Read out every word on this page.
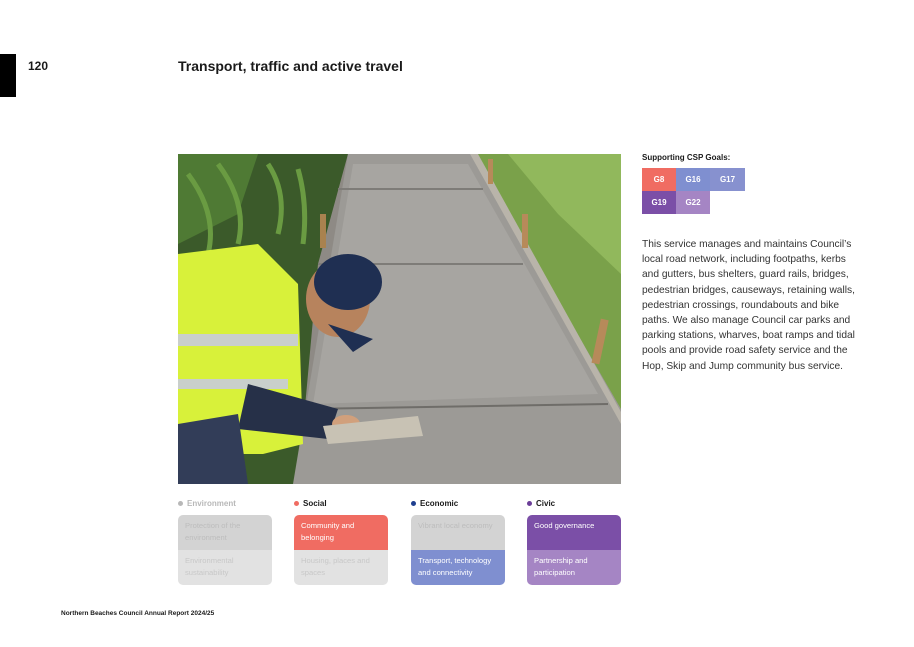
120	Transport, traffic and active travel
Supporting CSP Goals:
G8	G16	G17
G19	G22
This service manages and maintains Council’s local road network, including footpaths, kerbs and gutters, bus shelters, guard rails, bridges, pedestrian bridges, causeways, retaining walls, pedestrian crossings, roundabouts and bike paths. We also manage Council car parks and parking stations, wharves, boat ramps and tidal pools and provide road safety service and the Hop, Skip and Jump community bus service.
Environment
Protection of the environment
Environmental sustainability
Social
Community and belonging
Housing, places and spaces
Economic
Vibrant local economy
Transport, technology and connectivity
Civic
Good governance
Partnership and participation
Northern Beaches Council Annual Report 2024/25
